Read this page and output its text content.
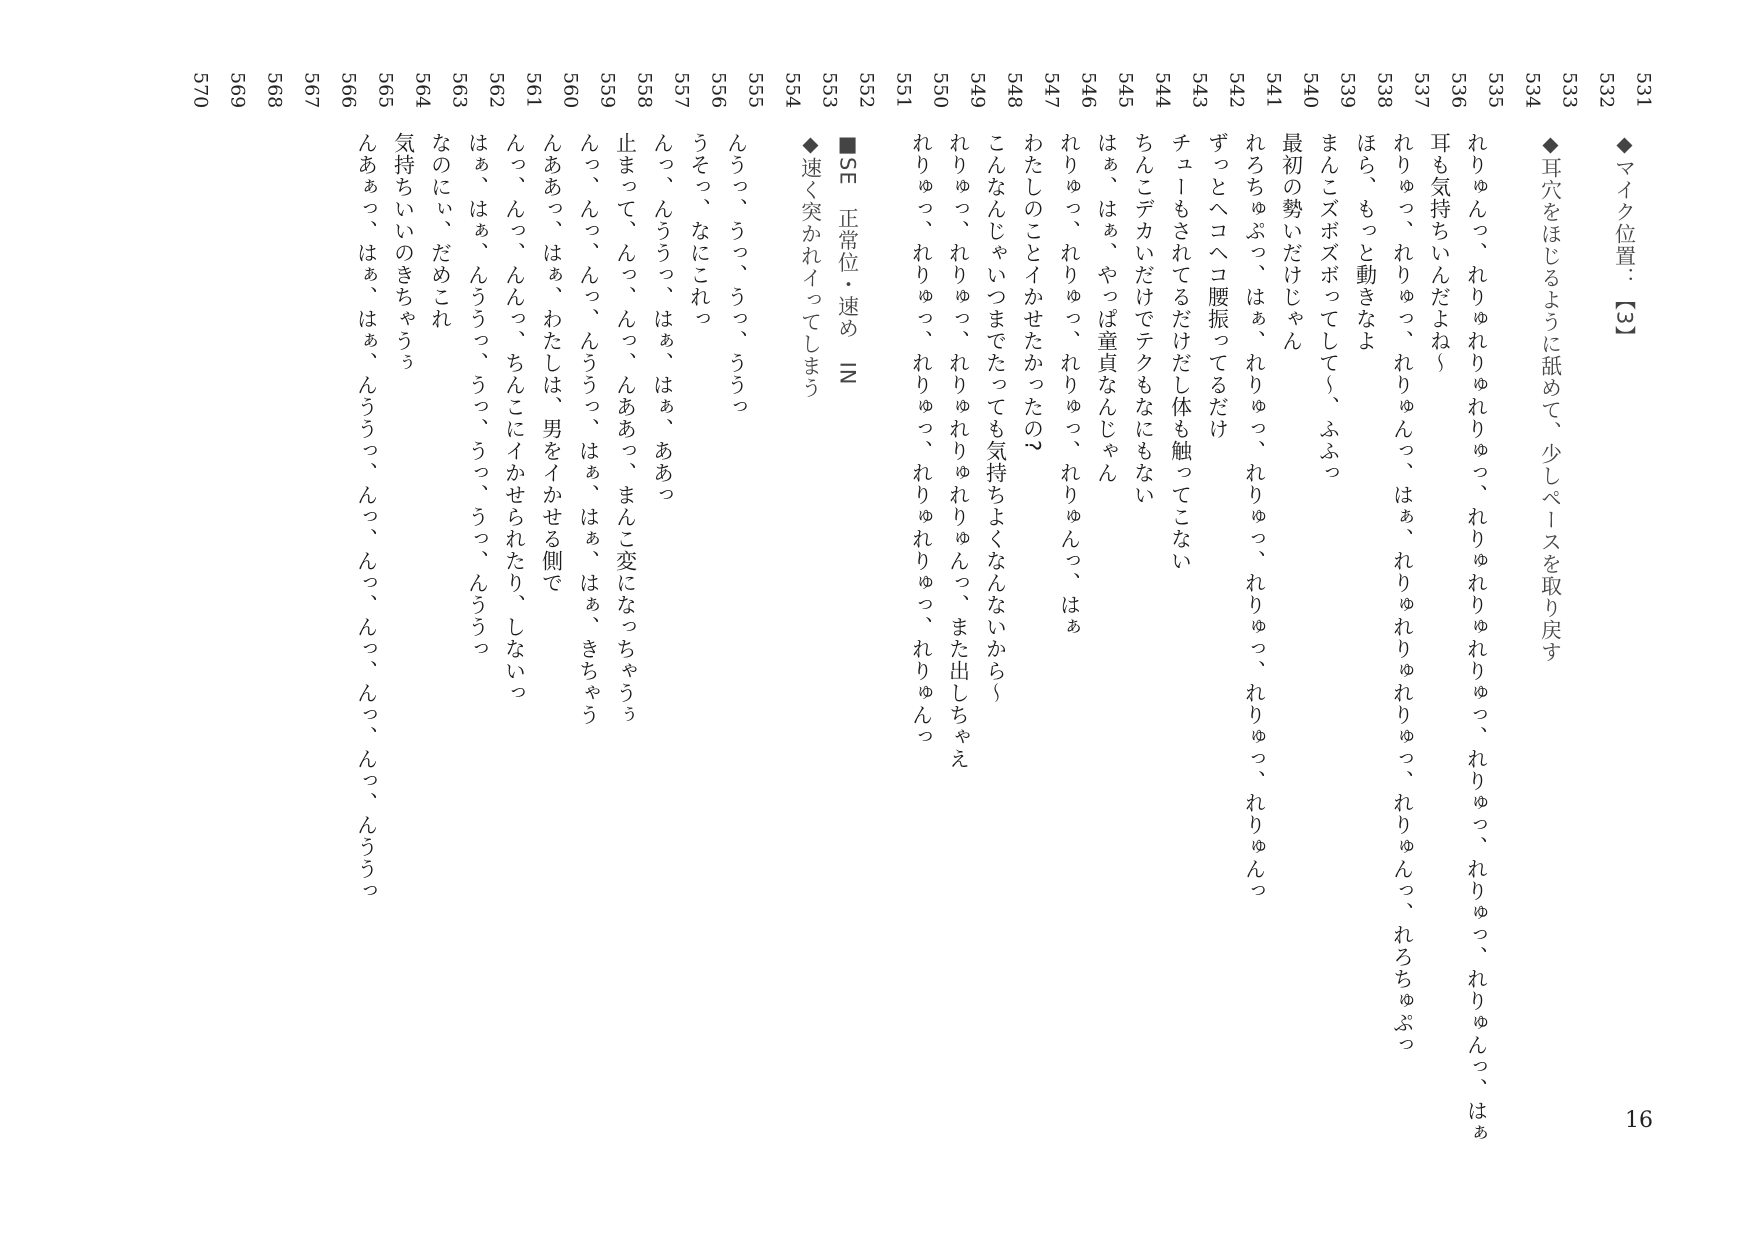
531
◆マイク位置：【3】
532
533
◆耳穴をほじるように舐めて、少しペースを取り戻す
534
535
れりゅんっ、れりゅれりゅれりゅっ、れりゅれりゅれりゅっ、れりゅっ、れりゅっ、れりゅんっ、はぁ
536
耳も気持ちいんだよね～
537
れりゅっ、れりゅっ、れりゅんっ、はぁ、れりゅれりゅれりゅっ、れりゅんっ、れろちゅぷっ
538
ほら、もっと動きなよ
539
まんこズボズボってして～、ふふっ
540
最初の勢いだけじゃん
541
れろちゅぷっ、はぁ、れりゅっ、れりゅっ、れりゅっ、れりゅっ、れりゅんっ
542
ずっとヘコヘコ腰振ってるだけ
543
チューもされてるだけだし体も触ってこない
544
ちんこデカいだけでテクもなにもない
545
はぁ、はぁ、やっぱ童貞なんじゃん
546
れりゅっ、れりゅっ、れりゅっ、れりゅんっ、はぁ
547
わたしのことイかせたかったの?
548
こんなんじゃいつまでたっても気持ちよくなんないから～
549
れりゅっ、れりゅっ、れりゅれりゅれりゅんっ、また出しちゃえ
550
れりゅっ、れりゅっ、れりゅっ、れりゅれりゅっ、れりゅんっ
551
552
■SE　正常位・速め　IN
553
◆速く突かれイってしまう
554
555
んうっ、うっ、うっ、ううっ
556
うそっ、なにこれっ
557
んっ、んううっ、はぁ、はぁ、ああっ
558
止まって、んっ、んっ、んああっ、まんこ変になっちゃうぅ
559
んっ、んっ、んっ、んううっ、はぁ、はぁ、はぁ、きちゃう
560
んああっ、はぁ、わたしは、男をイかせる側で
561
んっ、んっ、んんっ、ちんこにイかせられたり、しないっ
562
はぁ、はぁ、んううっ、うっ、うっ、うっ、んううっ
563
なのにぃ、だめこれ
564
気持ちいいのきちゃうぅ
565
んあぁっ、はぁ、はぁ、んううっ、んっ、んっ、んっ、んっ、んっ、んううっ
566
567
568
569
570
16
